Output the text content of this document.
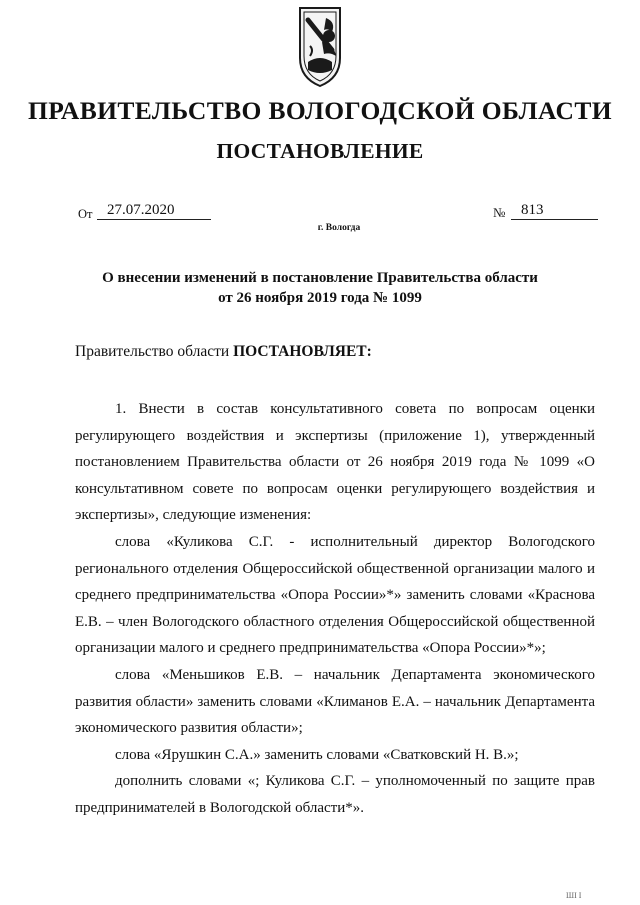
ПРАВИТЕЛЬСТВО ВОЛОГОДСКОЙ ОБЛАСТИ
ПОСТАНОВЛЕНИЕ
От 27.07.2020	№	813
г. Вологда
О внесении изменений в постановление Правительства области
от 26 ноября 2019 года № 1099
Правительство области ПОСТАНОВЛЯЕТ:

1. Внести в состав консультативного совета по вопросам оценки регулирующего воздействия и экспертизы (приложение 1), утвержденный постановлением Правительства области от 26 ноября 2019 года № 1099 «О консультативном совете по вопросам оценки регулирующего воздействия и экспертизы», следующие изменения:

слова «Куликова С.Г. - исполнительный директор Вологодского регионального отделения Общероссийской общественной организации малого и среднего предпринимательства «Опора России»*» заменить словами «Краснова Е.В. – член Вологодского областного отделения Общероссийской общественной организации малого и среднего предпринимательства «Опора России»*»;

слова «Меньшиков Е.В. – начальник Департамента экономического развития области» заменить словами «Климанов Е.А. – начальник Департамента экономического развития области»;

слова «Ярушкин С.А.» заменить словами «Сватковский Н. В.»;

дополнить словами «; Куликова С.Г. – уполномоченный по защите прав предпринимателей в Вологодской области*».

ШI I
